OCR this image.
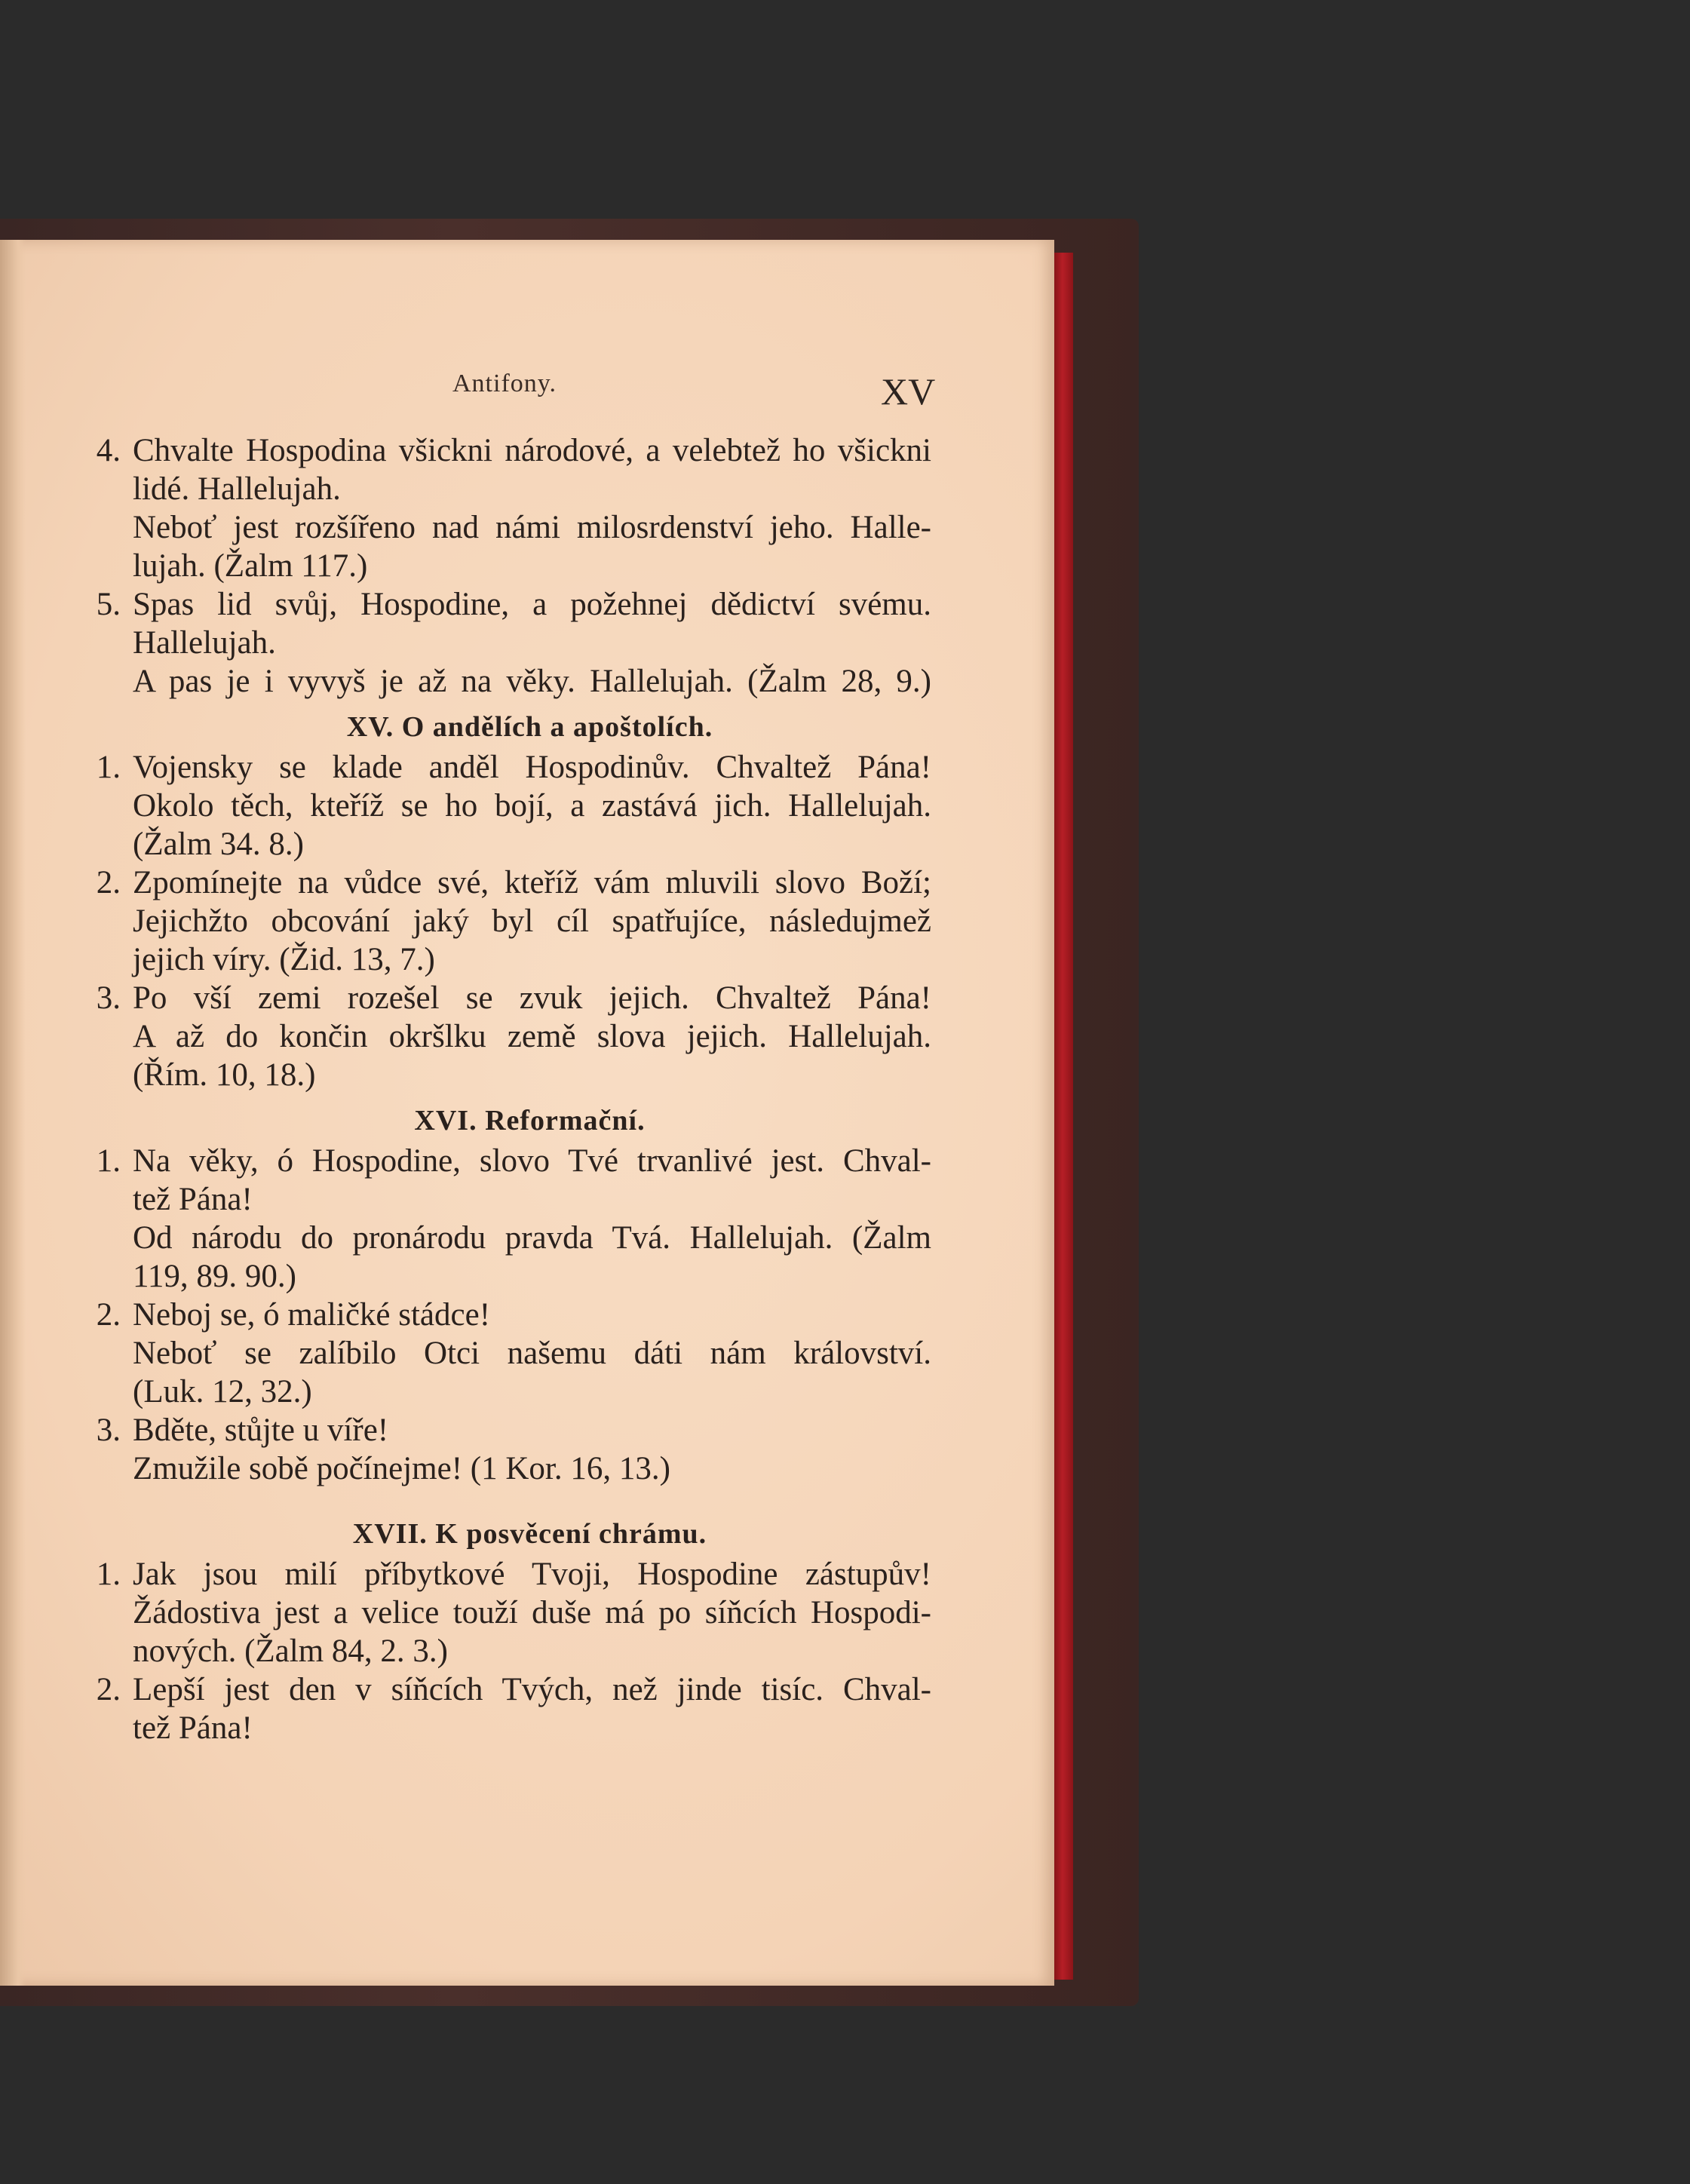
Antifony.	XV
4. Chvalte Hospodina všickni národové, a velebtež ho všickni
lidé. Hallelujah.
Neboť jest rozšířeno nad námi milosrdenství jeho. Halle-
lujah. (Žalm 117.)
5. Spas lid svůj, Hospodine, a požehnej dědictví svému.
Hallelujah.
A pas je i vyvyš je až na věky. Hallelujah. (Žalm 28, 9.)
XV. O andělích a apoštolích.
1. Vojensky se klade anděl Hospodinův. Chvaltež Pána!
Okolo těch, kteříž se ho bojí, a zastává jich. Hallelujah.
(Žalm 34. 8.)
2. Zpomínejte na vůdce své, kteříž vám mluvili slovo Boží;
Jejichžto obcování jaký byl cíl spatřujíce, následujmež
jejich víry. (Žid. 13, 7.)
3. Po vší zemi rozešel se zvuk jejich. Chvaltež Pána!
A až do končin okršlku země slova jejich. Hallelujah.
(Řím. 10, 18.)
XVI. Reformační.
1. Na věky, ó Hospodine, slovo Tvé trvanlivé jest. Chval-
tež Pána!
Od národu do pronárodu pravda Tvá. Hallelujah. (Žalm
119, 89. 90.)
2. Neboj se, ó maličké stádce!
Neboť se zalíbilo Otci našemu dáti nám království.
(Luk. 12, 32.)
3. Bděte, stůjte u víře!
Zmužile sobě počínejme! (1 Kor. 16, 13.)
XVII. K posvěcení chrámu.
1. Jak jsou milí příbytkové Tvoji, Hospodine zástupův!
Žádostiva jest a velice touží duše má po síňcích Hospodi-
nových. (Žalm 84, 2. 3.)
2. Lepší jest den v síňcích Tvých, než jinde tisíc. Chval-
tež Pána!
